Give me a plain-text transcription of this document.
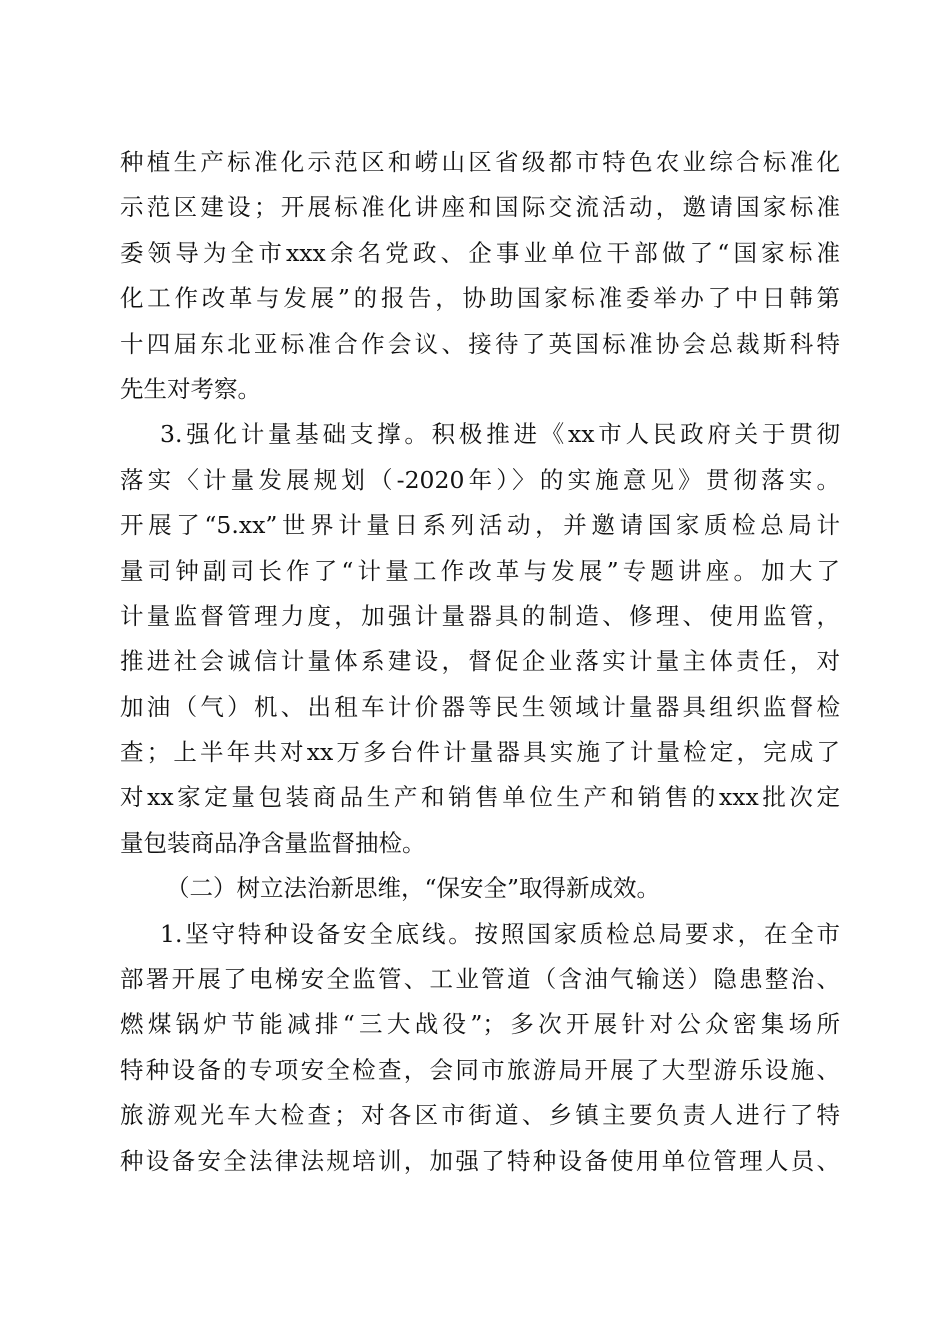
种植生产标准化示范区和崂山区省级都市特色农业综合标准化
示范区建设；开展标准化讲座和国际交流活动，邀请国家标准
委领导为全市xxx余名党政、企事业单位干部做了“国家标准
化工作改革与发展”的报告，协助国家标准委举办了中日韩第
十四届东北亚标准合作会议、接待了英国标准协会总裁斯科特
先生对考察。
3.强化计量基础支撑。积极推进《xx市人民政府关于贯彻
落实〈计量发展规划（-2020年）〉的实施意见》贯彻落实。
开展了“5.xx”世界计量日系列活动，并邀请国家质检总局计
量司钟副司长作了“计量工作改革与发展”专题讲座。加大了
计量监督管理力度，加强计量器具的制造、修理、使用监管，
推进社会诚信计量体系建设，督促企业落实计量主体责任，对
加油（气）机、出租车计价器等民生领域计量器具组织监督检
查；上半年共对xx万多台件计量器具实施了计量检定，完成了
对xx家定量包装商品生产和销售单位生产和销售的xxx批次定
量包装商品净含量监督抽检。
（二）树立法治新思维，“保安全”取得新成效。
1.坚守特种设备安全底线。按照国家质检总局要求，在全市
部署开展了电梯安全监管、工业管道（含油气输送）隐患整治、
燃煤锅炉节能减排“三大战役”；多次开展针对公众密集场所
特种设备的专项安全检查，会同市旅游局开展了大型游乐设施、
旅游观光车大检查；对各区市街道、乡镇主要负责人进行了特
种设备安全法律法规培训，加强了特种设备使用单位管理人员、
